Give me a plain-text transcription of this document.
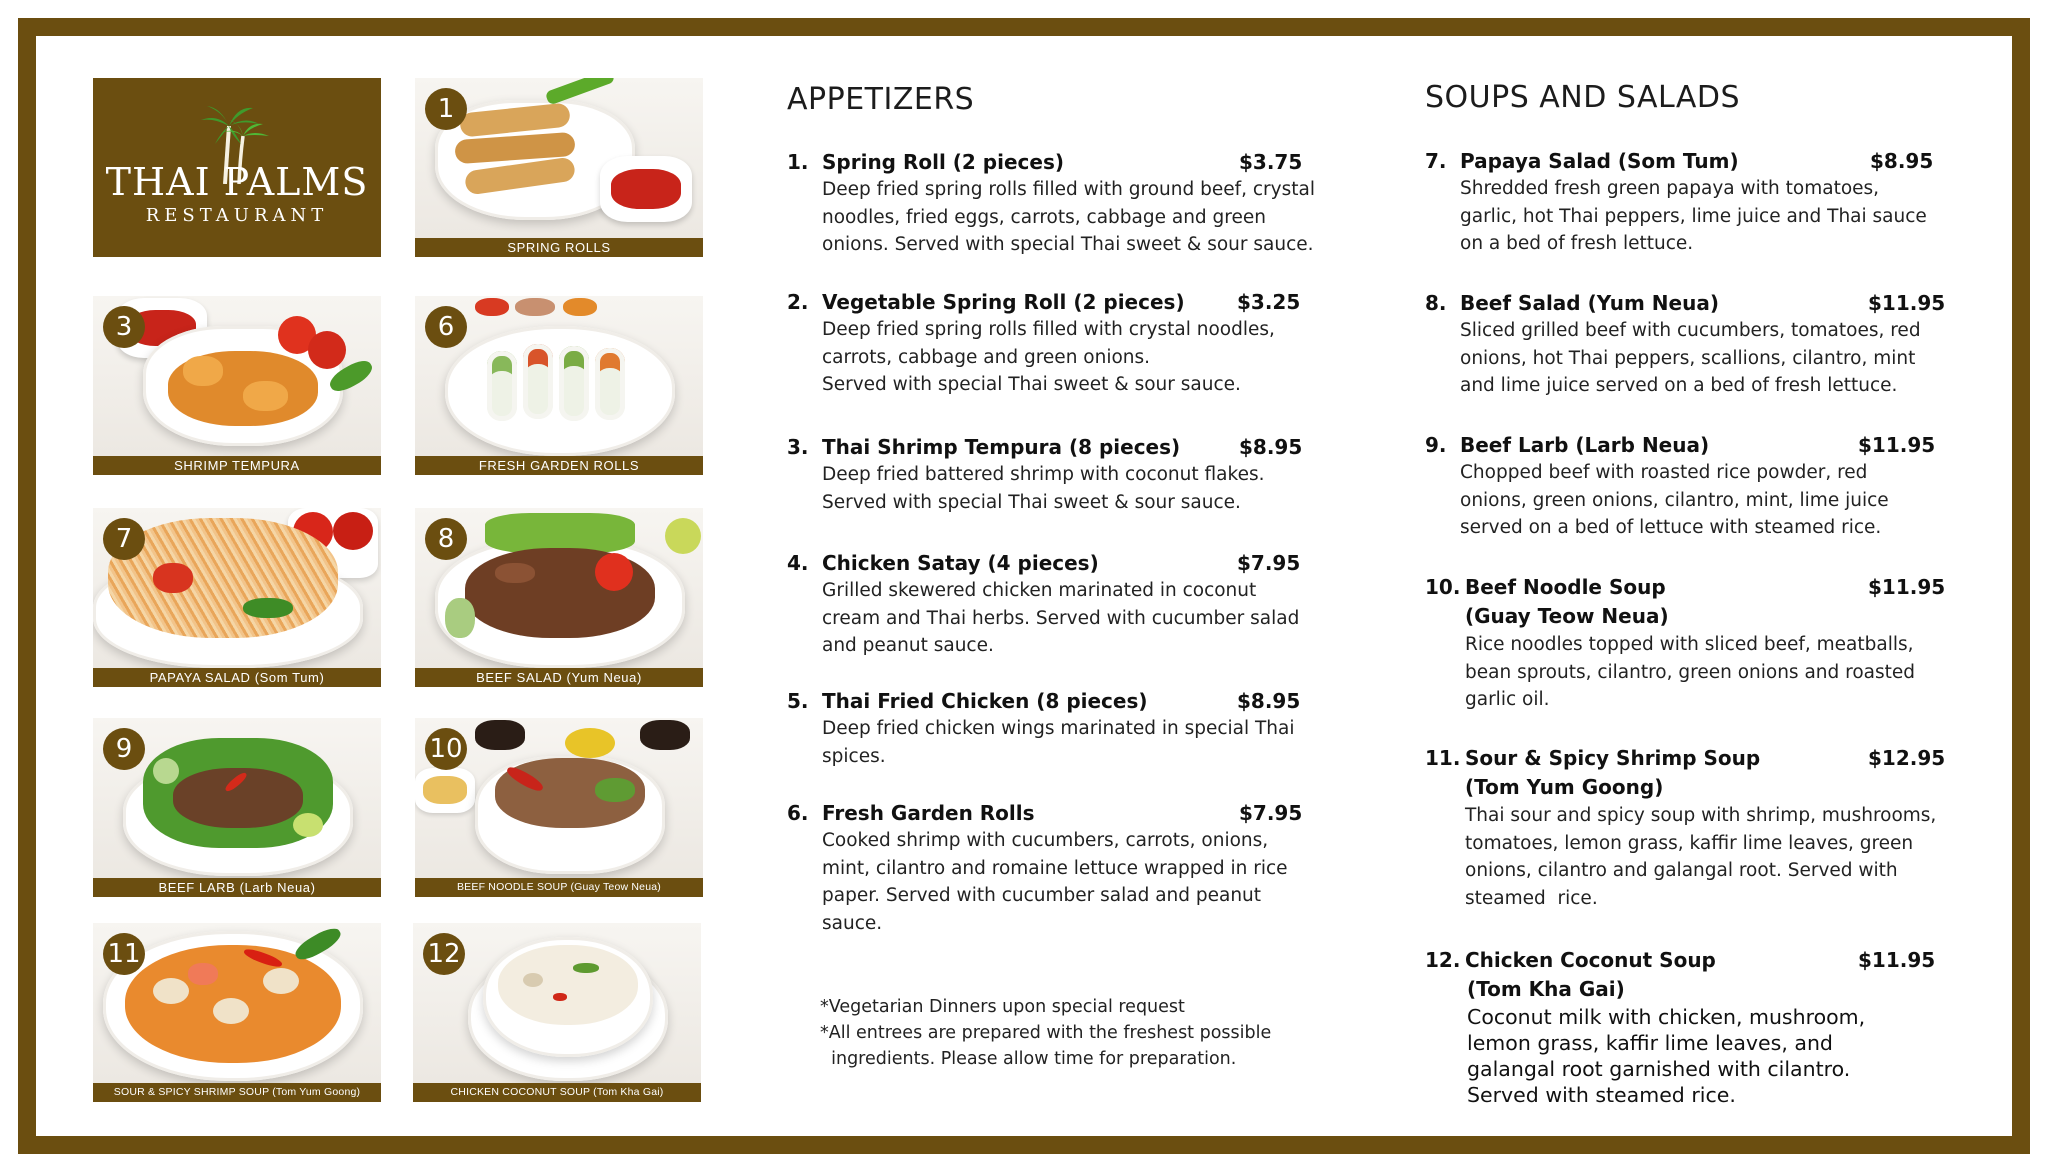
THAI PALMS
RESTAURANT
1
SPRING ROLLS
3
SHRIMP TEMPURA
6
FRESH GARDEN ROLLS
7
PAPAYA SALAD (Som Tum)
8
BEEF SALAD (Yum Neua)
9
BEEF LARB (Larb Neua)
10
BEEF NOODLE SOUP (Guay Teow Neua)
11
SOUR & SPICY SHRIMP SOUP (Tom Yum Goong)
12
CHICKEN COCONUT SOUP (Tom Kha Gai)
APPETIZERS
1. Spring Roll (2 pieces)	$3.75
Deep fried spring rolls filled with ground beef, crystal
noodles, fried eggs, carrots, cabbage and green
onions. Served with special Thai sweet & sour sauce.
2. Vegetable Spring Roll (2 pieces)	$3.25
Deep fried spring rolls filled with crystal noodles,
carrots, cabbage and green onions.
Served with special Thai sweet & sour sauce.
3. Thai Shrimp Tempura (8 pieces)	$8.95
Deep fried battered shrimp with coconut flakes.
Served with special Thai sweet & sour sauce.
4. Chicken Satay (4 pieces)	$7.95
Grilled skewered chicken marinated in coconut
cream and Thai herbs. Served with cucumber salad
and peanut sauce.
5. Thai Fried Chicken (8 pieces)	$8.95
Deep fried chicken wings marinated in special Thai
spices.
6. Fresh Garden Rolls	$7.95
Cooked shrimp with cucumbers, carrots, onions,
mint, cilantro and romaine lettuce wrapped in rice
paper. Served with cucumber salad and peanut
sauce.
*Vegetarian Dinners upon special request
*All entrees are prepared with the freshest possible
ingredients. Please allow time for preparation.
SOUPS AND SALADS
7. Papaya Salad (Som Tum)	$8.95
Shredded fresh green papaya with tomatoes,
garlic, hot Thai peppers, lime juice and Thai sauce
on a bed of fresh lettuce.
8. Beef Salad (Yum Neua)	$11.95
Sliced grilled beef with cucumbers, tomatoes, red
onions, hot Thai peppers, scallions, cilantro, mint
and lime juice served on a bed of fresh lettuce.
9. Beef Larb (Larb Neua)	$11.95
Chopped beef with roasted rice powder, red
onions, green onions, cilantro, mint, lime juice
served on a bed of lettuce with steamed rice.
10. Beef Noodle Soup	$11.95
(Guay Teow Neua)
Rice noodles topped with sliced beef, meatballs,
bean sprouts, cilantro, green onions and roasted
garlic oil.
11. Sour & Spicy Shrimp Soup	$12.95
(Tom Yum Goong)
Thai sour and spicy soup with shrimp, mushrooms,
tomatoes, lemon grass, kaffir lime leaves, green
onions, cilantro and galangal root. Served with
steamed  rice.
12. Chicken Coconut Soup	$11.95
(Tom Kha Gai)
Coconut milk with chicken, mushroom,
lemon grass, kaffir lime leaves, and
galangal root garnished with cilantro.
Served with steamed rice.
